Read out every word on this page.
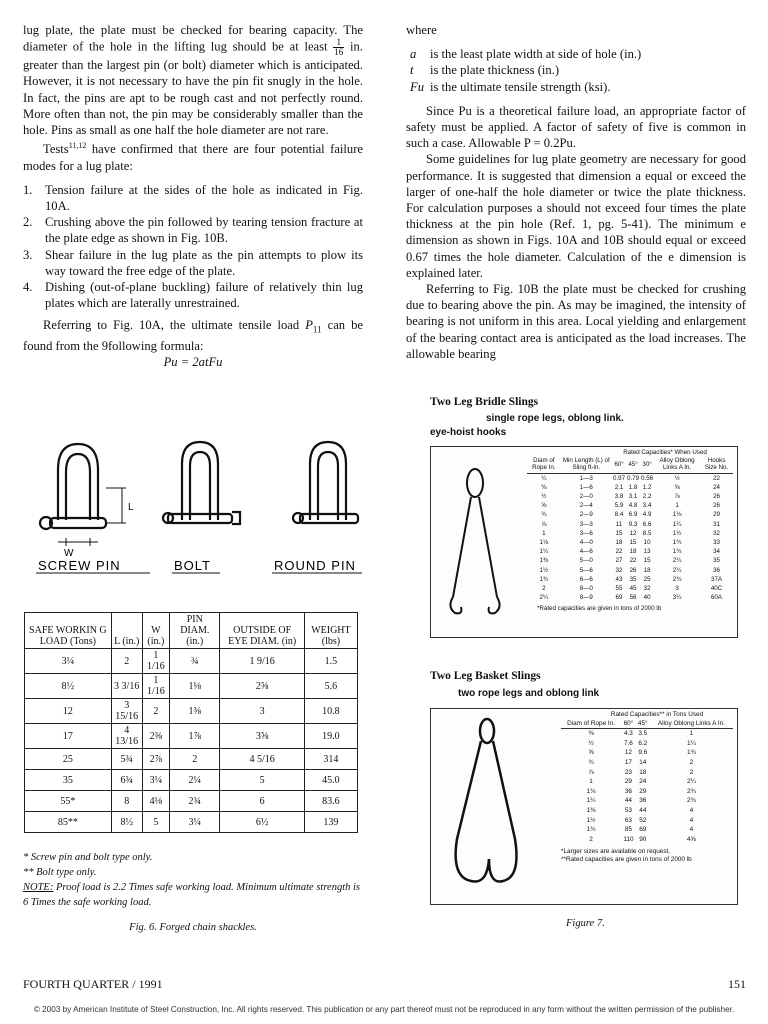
lug plate, the plate must be checked for bearing capacity. The diameter of the hole in the lifting lug should be at least $\frac{1}{16}$ in. greater than the largest pin (or bolt) diameter which is anticipated. However, it is not necessary to have the pin fit snugly in the hole. In fact, the pins are apt to be rough cast and not perfectly round. More often than not, the pin may be considerably smaller than the hole. Pins as small as one half the hole diameter are not rare.

Tests$^{11,12}$ have confirmed that there are four potential failure modes for a lug plate:

1. Tension failure at the sides of the hole as indicated in Fig. 10A.
2. Crushing above the pin followed by tearing tension fracture at the plate edge as shown in Fig. 10B.
3. Shear failure in the lug plate as the pin attempts to plow its way toward the free edge of the plate.
4. Dishing (out-of-plane buckling) failure of relatively thin lug plates which are laterally unrestrained.

Referring to Fig. 10A, the ultimate tensile load $P_{11}$ can be found from the 9following formula:

Pu = 2atFu

L
W
SCREW PIN	BOLT	ROUND PIN
SAFE WORKIN G LOAD (Tons)	L (in.)	W (in.)	PIN DIAM. (in.)	OUTSIDE OF EYE DIAM. (in)	WEIGHT (lbs)
3¼	2	1 1/16	¾	1 9/16	1.5
8½	3 3/16	1 1/16	1⅛	2⅝	5.6
12	3 15/16	2	1⅜	3	10.8
17	4 13/16	2⅜	1⅞	3⅝	19.0
25	5¾	2⅞	2	4 5/16	314
35	6¾	3¼	2¼	5	45.0
55*	8	4⅛	2¾	6	83.6
85**	8½	5	3¼	6½	139

* Screw pin and bolt type only.

** Bolt type only.

NOTE: Proof load is 2.2 Times safe working load. Minimum ultimate strength is 6 Times the safe working load.

Fig. 6. Forged chain shackles.

where

a	is the least plate width at side of hole (in.)
t	is the plate thickness (in.)
Fu is the ultimate tensile strength (ksi).

Since Pu is a theoretical failure load, an appropriate factor of safety must be applied. A factor of safety of five is common in such a case. Allowable P = 0.2Pu.

Some guidelines for lug plate geometry are necessary for good performance. It is suggested that dimension a equal or exceed the larger of one-half the hole diameter or twice the plate thickness. For calculation purposes a should not exceed four times the plate thickness at the pin hole (Ref. 1, pg. 5-41). The minimum e dimension as shown in Figs. 10A and 10B should equal or exceed 0.67 times the hole diameter. Calculation of the e dimension is explained later.

Referring to Fig. 10B the plate must be checked for crushing due to bearing above the pin. As may be imagined, the intensity of bearing is not uniform in this area. Local yielding and enlargement of the bearing contact area is anticipated as the load increases. The allowable bearing

Two Leg Bridle Slings
single rope legs, oblong link.
eye-hoist hooks
Rated Capacities* When Used
Diam of Rope In.	Min Length (L) of Sling ft-in.	60°	45°	30°	Alloy Oblong Links A In.	Hooks Size No.
¼	1—3	0.97	0.79	0.56	½	22
⅜	1—6	2.1	1.8	1.2	⅝	24
½	2—0	3.8	3.1	2.2	⅞	26
⅝	2—4	5.9	4.8	3.4	1	26
¾	2—9	8.4	6.9	4.9	1⅛	29
⅞	3—3	11	9.3	6.6	1¼	31
1	3—6	15	12	8.5	1½	32
1⅛	4—0	18	15	10	1¾	33
1¼	4—6	22	18	13	1¾	34
1⅜	5—0	27	22	15	2¼	35
1½	5—6	32	26	18	2¼	36
1¾	6—6	43	35	25	2¾	37A
2	8—0	55	45	32	3	40C
2¼	8—9	69	56	40	3¼	60A
*Rated capacities are given in tons of 2000 lb
Two Leg Basket Slings
two rope legs and oblong link
Rated Capacities** in Tons Used
Diam of Rope In.	60°	45°	Alloy Oblong Links A In.
⅜	4.3	3.5	1
½	7.6	6.2	1¼
⅝	12	9.6	1¾
¾	17	14	2
⅞	23	18	2
1	29	24	2¼
1⅛	36	29	2¾
1¼	44	36	2¾
1⅜	53	44	4
1½	63	52	4
1¾	85	69	4
2	110	90	4⅝
*Larger sizes are available on request.
**Rated capacities are given in tons of 2000 lb
Figure 7.
FOURTH QUARTER / 1991	151
© 2003 by American Institute of Steel Construction, Inc. All rights reserved. This publication or any part thereof must not be reproduced in any form without the written permission of the publisher.
